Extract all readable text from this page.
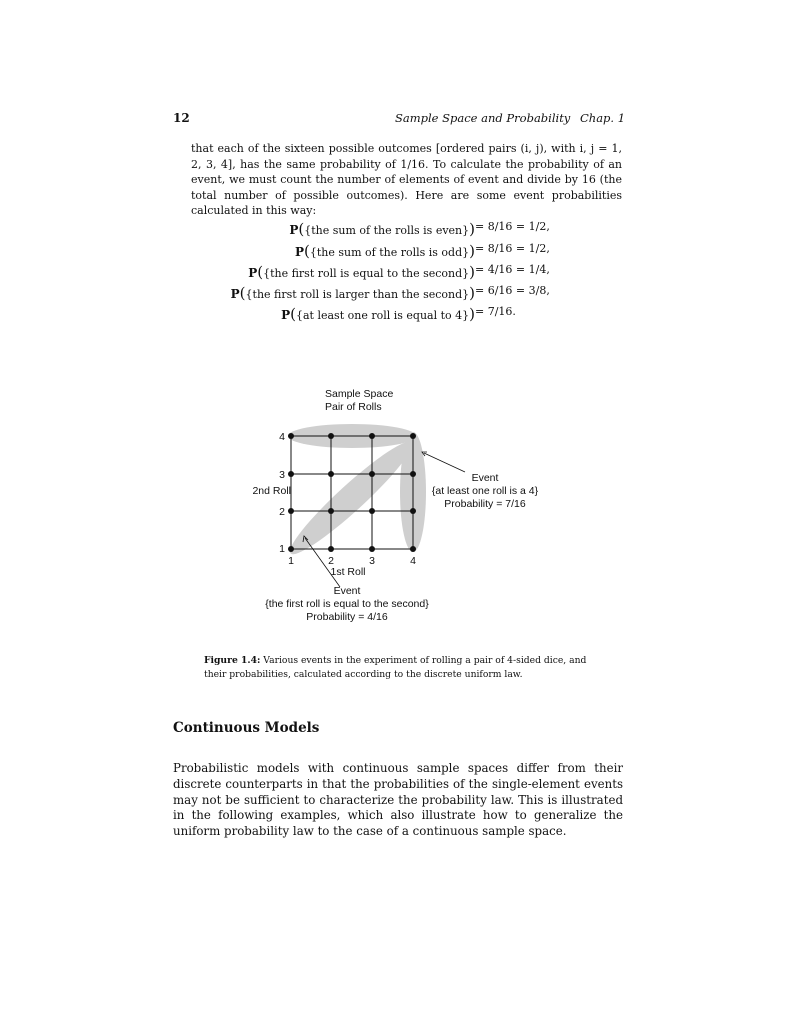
12	Sample Space and Probability Chap. 1
that each of the sixteen possible outcomes [ordered pairs (i, j), with i, j = 1, 2, 3, 4], has the same probability of 1/16. To calculate the probability of an event, we must count the number of elements of event and divide by 16 (the total number of possible outcomes). Here are some event probabilities calculated in this way:
P({the sum of the rolls is even}) = 8/16 = 1/2,
P({the sum of the rolls is odd}) = 8/16 = 1/2,
P({the first roll is equal to the second}) = 4/16 = 1/4,
P({the first roll is larger than the second}) = 6/16 = 3/8,
P({at least one roll is equal to 4}) = 7/16.
Sample Space
Pair of Rolls
4
3
2
1
2nd Roll
1	2	3	4
1st Roll
Event
{at least one roll is a 4}
Probability = 7/16
Event
{the first roll is equal to the second}
Probability = 4/16
Figure 1.4: Various events in the experiment of rolling a pair of 4-sided dice, and their probabilities, calculated according to the discrete uniform law.
Continuous Models
Probabilistic models with continuous sample spaces differ from their discrete counterparts in that the probabilities of the single-element events may not be sufficient to characterize the probability law. This is illustrated in the following examples, which also illustrate how to generalize the uniform probability law to the case of a continuous sample space.
